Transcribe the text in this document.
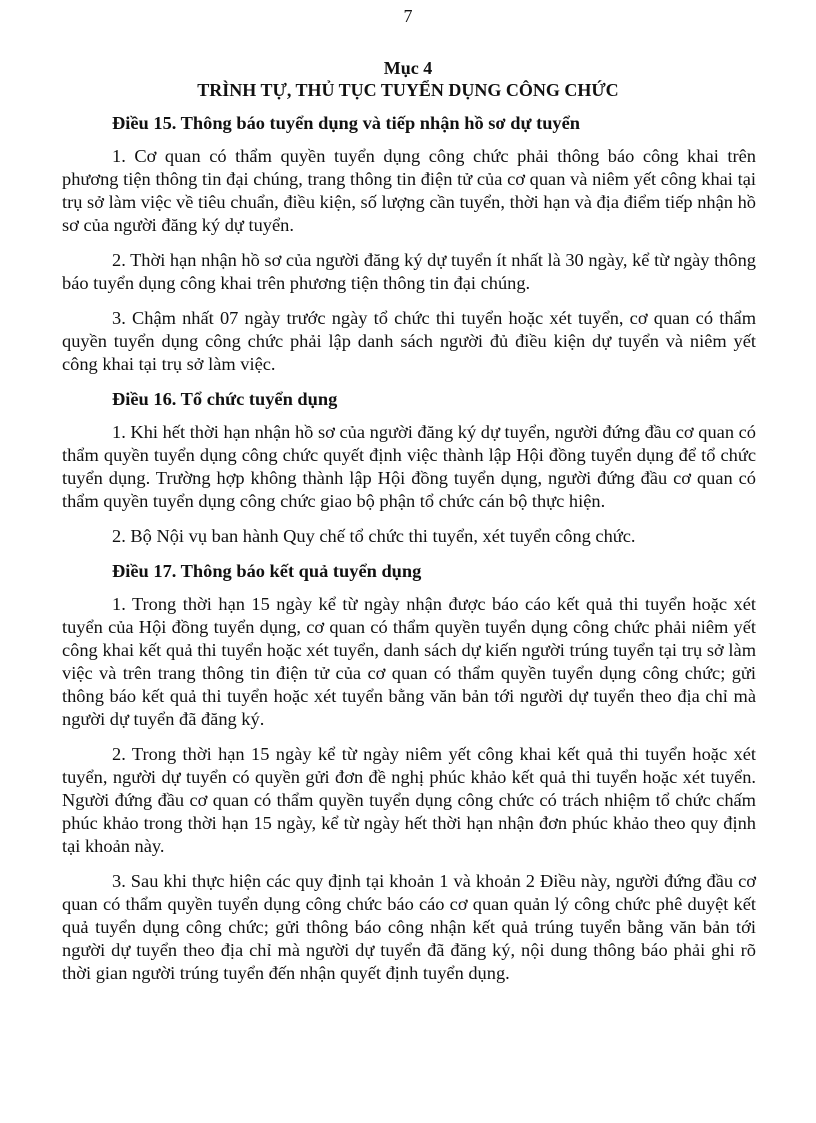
7
Mục 4
TRÌNH TỰ, THỦ TỤC TUYỂN DỤNG CÔNG CHỨC

Điều 15. Thông báo tuyển dụng và tiếp nhận hồ sơ dự tuyển

1. Cơ quan có thẩm quyền tuyển dụng công chức phải thông báo công khai trên phương tiện thông tin đại chúng, trang thông tin điện tử của cơ quan và niêm yết công khai tại trụ sở làm việc về tiêu chuẩn, điều kiện, số lượng cần tuyển, thời hạn và địa điểm tiếp nhận hồ sơ của người đăng ký dự tuyển.

2. Thời hạn nhận hồ sơ của người đăng ký dự tuyển ít nhất là 30 ngày, kể từ ngày thông báo tuyển dụng công khai trên phương tiện thông tin đại chúng.

3. Chậm nhất 07 ngày trước ngày tổ chức thi tuyển hoặc xét tuyển, cơ quan có thẩm quyền tuyển dụng công chức phải lập danh sách người đủ điều kiện dự tuyển và niêm yết công khai tại trụ sở làm việc.

Điều 16. Tổ chức tuyển dụng

1. Khi hết thời hạn nhận hồ sơ của người đăng ký dự tuyển, người đứng đầu cơ quan có thẩm quyền tuyển dụng công chức quyết định việc thành lập Hội đồng tuyển dụng để tổ chức tuyển dụng. Trường hợp không thành lập Hội đồng tuyển dụng, người đứng đầu cơ quan có thẩm quyền tuyển dụng công chức giao bộ phận tổ chức cán bộ thực hiện.

2. Bộ Nội vụ ban hành Quy chế tổ chức thi tuyển, xét tuyển công chức.

Điều 17. Thông báo kết quả tuyển dụng

1. Trong thời hạn 15 ngày kể từ ngày nhận được báo cáo kết quả thi tuyển hoặc xét tuyển của Hội đồng tuyển dụng, cơ quan có thẩm quyền tuyển dụng công chức phải niêm yết công khai kết quả thi tuyển hoặc xét tuyển, danh sách dự kiến người trúng tuyển tại trụ sở làm việc và trên trang thông tin điện tử của cơ quan có thẩm quyền tuyển dụng công chức; gửi thông báo kết quả thi tuyển hoặc xét tuyển bằng văn bản tới người dự tuyển theo địa chỉ mà người dự tuyển đã đăng ký.

2. Trong thời hạn 15 ngày kể từ ngày niêm yết công khai kết quả thi tuyển hoặc xét tuyển, người dự tuyển có quyền gửi đơn đề nghị phúc khảo kết quả thi tuyển hoặc xét tuyển. Người đứng đầu cơ quan có thẩm quyền tuyển dụng công chức có trách nhiệm tổ chức chấm phúc khảo trong thời hạn 15 ngày, kể từ ngày hết thời hạn nhận đơn phúc khảo theo quy định tại khoản này.

3. Sau khi thực hiện các quy định tại khoản 1 và khoản 2 Điều này, người đứng đầu cơ quan có thẩm quyền tuyển dụng công chức báo cáo cơ quan quản lý công chức phê duyệt kết quả tuyển dụng công chức; gửi thông báo công nhận kết quả trúng tuyển bằng văn bản tới người dự tuyển theo địa chỉ mà người dự tuyển đã đăng ký, nội dung thông báo phải ghi rõ thời gian người trúng tuyển đến nhận quyết định tuyển dụng.
